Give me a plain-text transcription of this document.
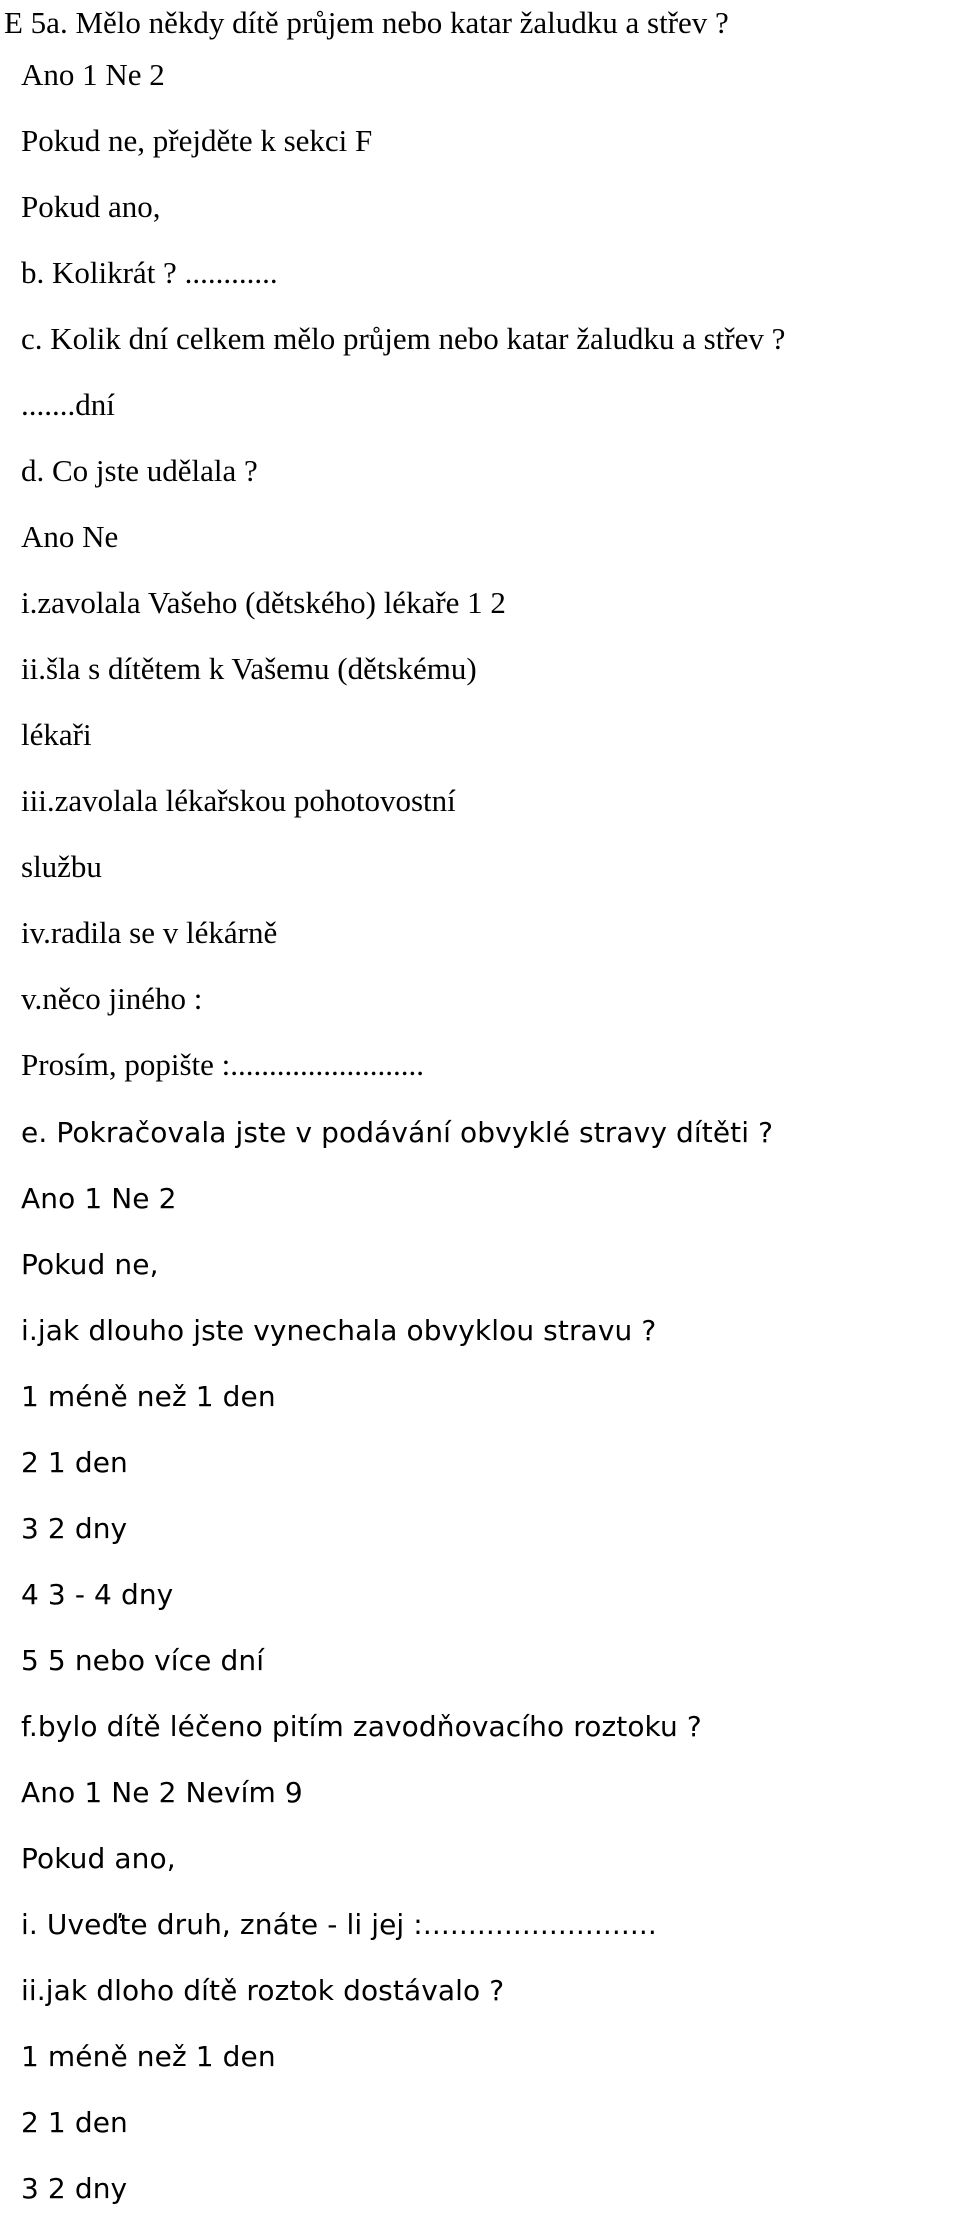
E 5a. Mělo někdy dítě průjem nebo katar žaludku a střev ?
Ano 1 Ne 2
Pokud ne, přejděte k sekci F
Pokud ano,
b. Kolikrát ? ............
c. Kolik dní celkem mělo průjem nebo katar žaludku a střev ?
.......dní
d. Co jste udělala ?
Ano Ne
i.zavolala Vašeho (dětského) lékaře 1 2
ii.šla s dítětem k Vašemu (dětskému)
lékaři
iii.zavolala lékařskou pohotovostní
službu
iv.radila se v lékárně
v.něco jiného :
Prosím, popište :.........................
e. Pokračovala jste v podávání obvyklé stravy dítěti ?
Ano 1 Ne 2
Pokud ne,
i.jak dlouho jste vynechala obvyklou stravu ?
1 méně než 1 den
2 1 den
3 2 dny
4 3 - 4 dny
5 5 nebo více dní
f.bylo dítě léčeno pitím zavodňovacího roztoku ?
Ano 1 Ne 2 Nevím 9
Pokud ano,
i. Uveďte druh, znáte - li jej :..........................
ii.jak dloho dítě roztok dostávalo ?
1 méně než 1 den
2 1 den
3 2 dny
